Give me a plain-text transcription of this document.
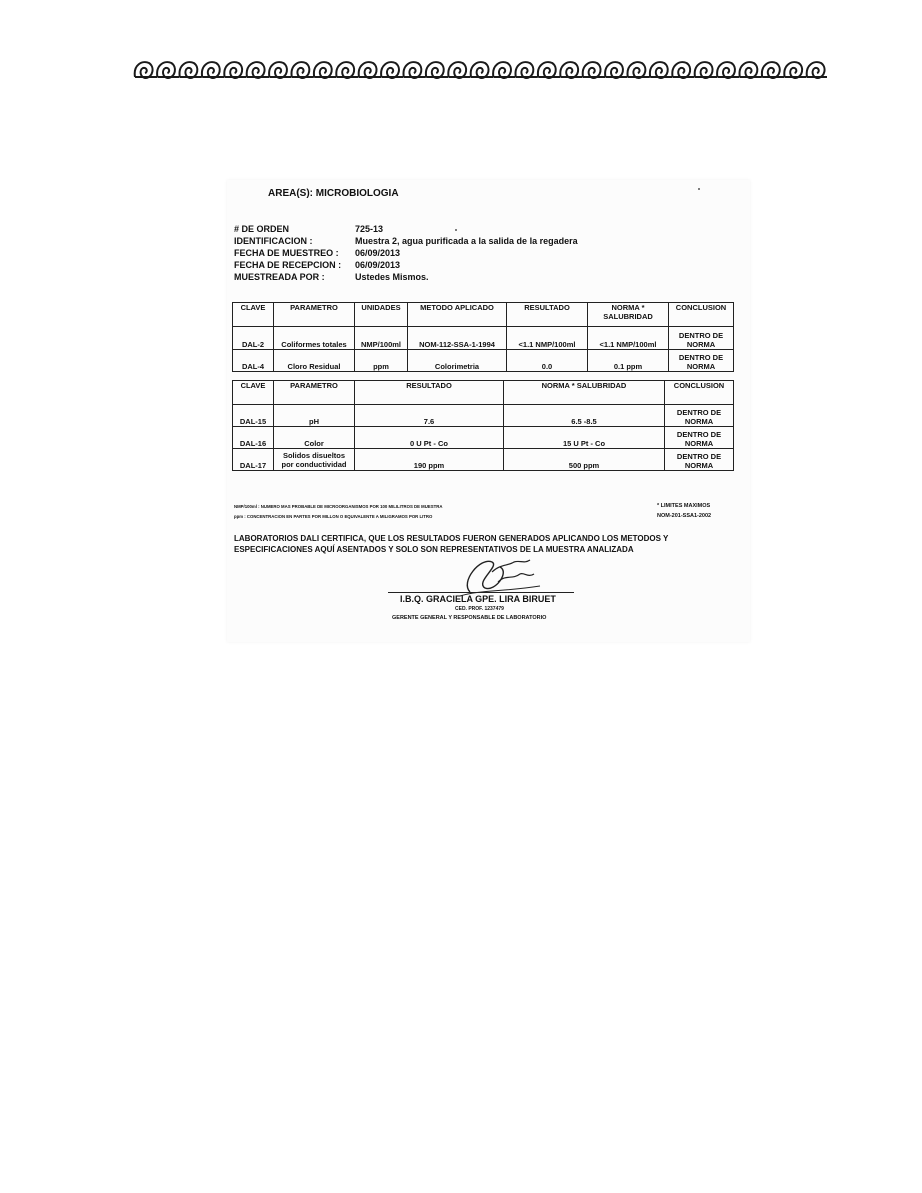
AREA(S): MICROBIOLOGIA
# DE ORDEN	725-13
IDENTIFICACION :	Muestra 2, agua purificada a la salida de la regadera
FECHA DE MUESTREO :	06/09/2013
FECHA DE RECEPCION :	06/09/2013
MUESTREADA POR :	Ustedes Mismos.
CLAVE	PARAMETRO	UNIDADES	METODO APLICADO	RESULTADO	NORMA * SALUBRIDAD	CONCLUSION
DAL-2	Coliformes totales	NMP/100ml	NOM-112-SSA-1-1994	<1.1 NMP/100ml	<1.1 NMP/100ml	DENTRO DE NORMA
DAL-4	Cloro Residual	ppm	Colorimetria	0.0	0.1 ppm	DENTRO DE NORMA
CLAVE	PARAMETRO	RESULTADO	NORMA * SALUBRIDAD	CONCLUSION
DAL-15	pH	7.6	6.5 -8.5	DENTRO DE NORMA
DAL-16	Color	0 U Pt - Co	15 U Pt - Co	DENTRO DE NORMA
DAL-17	Solidos disueltos por conductividad	190 ppm	500 ppm	DENTRO DE NORMA
NMP/100ml : NUMERO MAS PROBABLE DE MICROORGANISMOS POR 100 MILILITROS DE MUESTRA
ppm : CONCENTRACION EN PARTES POR MILLON O EQUIVALENTE A MILIGRAMOS POR LITRO
* LIMITES MAXIMOS
NOM-201-SSA1-2002
LABORATORIOS DALI CERTIFICA, QUE LOS RESULTADOS FUERON GENERADOS APLICANDO LOS METODOS Y ESPECIFICACIONES AQUÍ ASENTADOS Y SOLO SON REPRESENTATIVOS DE LA MUESTRA ANALIZADA
I.B.Q. GRACIELA GPE. LIRA BIRUET
CED. PROF. 1237479
GERENTE GENERAL Y RESPONSABLE DE LABORATORIO
